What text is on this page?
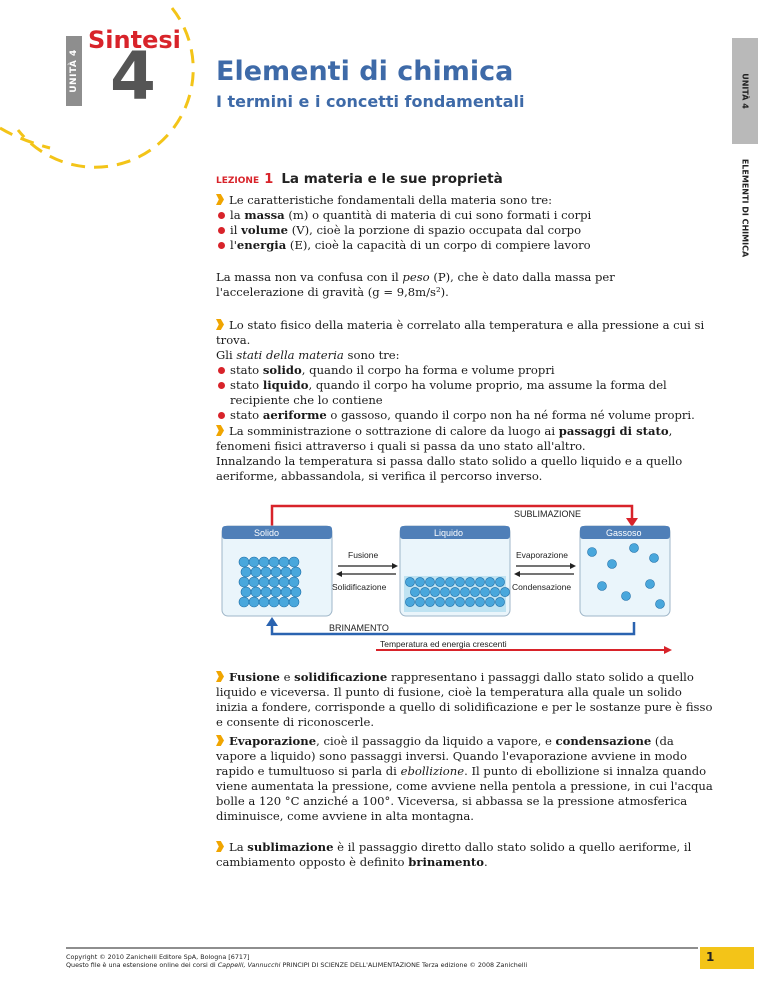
UNITÀ 4
Sintesi
4 Elementi di chimica
I termini e i concetti fondamentali	UNITÀ 4
ELEMENTI DI CHIMICA
LEZIONE 1 La materia e le sue proprietà
Le caratteristiche fondamentali della materia sono tre:
la massa (m) o quantità di materia di cui sono formati i corpi
il volume (V), cioè la porzione di spazio occupata dal corpo
l'energia (E), cioè la capacità di un corpo di compiere lavoro
La massa non va confusa con il peso (P), che è dato dalla massa per l'accelerazione di gravità (g = 9,8m/s²).
Lo stato fisico della materia è correlato alla temperatura e alla pressione a cui si trova.
Gli stati della materia sono tre:
stato solido, quando il corpo ha forma e volume propri
stato liquido, quando il corpo ha volume proprio, ma assume la forma del recipiente che lo contiene
stato aeriforme o gassoso, quando il corpo non ha né forma né volume propri.
La somministrazione o sottrazione di calore da luogo ai passaggi di stato, fenomeni fisici attraverso i quali si passa da uno stato all'altro.
Innalzando la temperatura si passa dallo stato solido a quello liquido e a quello aeriforme, abbassandola, si verifica il percorso inverso.
SUBLIMAZIONE
BRINAMENTO
Temperatura ed energia crescenti
Solido	Liquido	Gassoso
Fusione
Solidificazione
Evaporazione
Condensazione
Fusione e solidificazione rappresentano i passaggi dallo stato solido a quello liquido e viceversa. Il punto di fusione, cioè la temperatura alla quale un solido inizia a fondere, corrisponde a quello di solidificazione e per le sostanze pure è fisso e consente di riconoscerle.
Evaporazione, cioè il passaggio da liquido a vapore, e condensazione (da vapore a liquido) sono passaggi inversi. Quando l'evaporazione avviene in modo rapido e tumultuoso si parla di ebollizione. Il punto di ebollizione si innalza quando viene aumentata la pressione, come avviene nella pentola a pressione, in cui l'acqua bolle a 120 °C anziché a 100°. Viceversa, si abbassa se la pressione atmosferica diminuisce, come avviene in alta montagna.
La sublimazione è il passaggio diretto dallo stato solido a quello aeriforme, il cambiamento opposto è definito brinamento.
Copyright © 2010 Zanichelli Editore SpA, Bologna [6717]
Questo file è una estensione online dei corsi di Cappelli, Vannucchi PRINCIPI DI SCIENZE DELL'ALIMENTAZIONE Terza edizione © 2008 Zanichelli
1
